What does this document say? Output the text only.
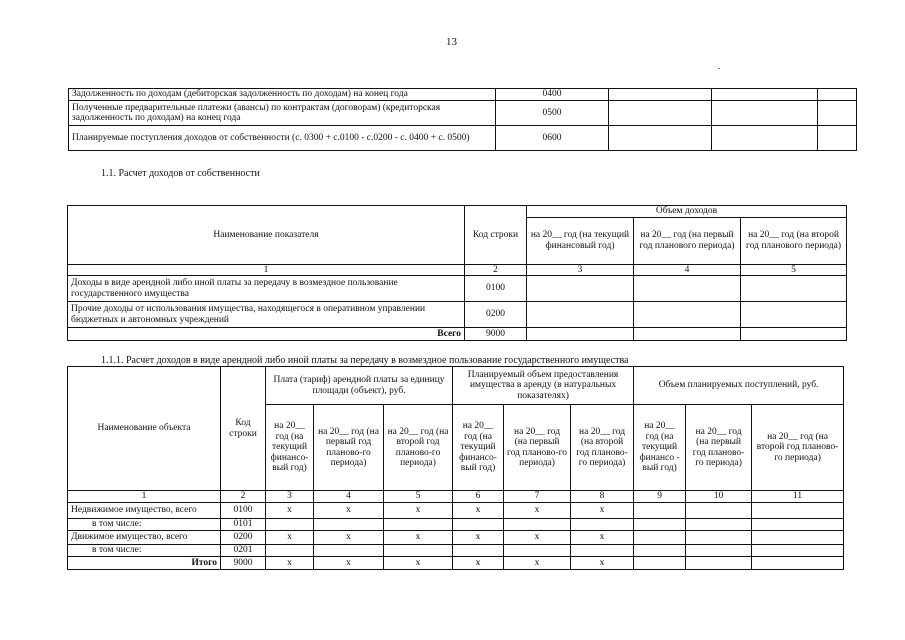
13
Задолженность по доходам (дебиторская задолженность по доходам) на конец года	0400			
Полученные предварительные платежи (авансы) по контрактам (договорам) (кредиторская задолженность по доходам) на конец года	0500			
Планируемые поступления доходов от собственности (с. 0300 + с.0100 - с.0200 - с. 0400 + с. 0500)	0600			
1.1. Расчет доходов от собственности
Наименование показателя	Код строки	Объем доходов		
		на 20__ год (на текущий финансовый год)	на 20__ год (на первый год планового периода)	на 20__ год (на второй год планового периода)
1	2	3	4	5
Доходы в виде арендной либо иной платы за передачу в возмездное пользование государственного имущества	0100			
Прочие доходы от использования имущества, находящегося в оперативном управлении бюджетных и автономных учреждений	0200			
Всего	9000			
1.1.1. Расчет доходов в виде арендной либо иной платы за передачу в возмездное пользование государственного имущества
Наименование объекта	Код строки	Плата (тариф) арендной платы за единицу площади (объект), руб.			Планируемый объем предоставления имущества в аренду (в натуральных показателях)			Объем планируемых поступлений, руб.		
		на 20__ год (на текущий финансо-вый год)	на 20__ год (на первый год планово-го периода)	на 20__ год (на второй год планово-го периода)	на 20__ год (на текущий финансо-вый год)	на 20__ год (на первый год планово-го периода)	на 20__ год (на второй год планово-го периода)	на 20__ год (на текущий финансо - вый год)	на 20__ год (на первый год планово-го периода)	на 20__ год (на второй год планово-го периода)
1	2	3	4	5	6	7	8	9	10	11
Недвижимое имущество, всего	0100	x	x	x	x	x	x			
в том числе:	0101									
Движимое имущество, всего	0200	x	x	x	x	x	x			
в том числе:	0201									
Итого	9000	x	x	x	x	x	x			
